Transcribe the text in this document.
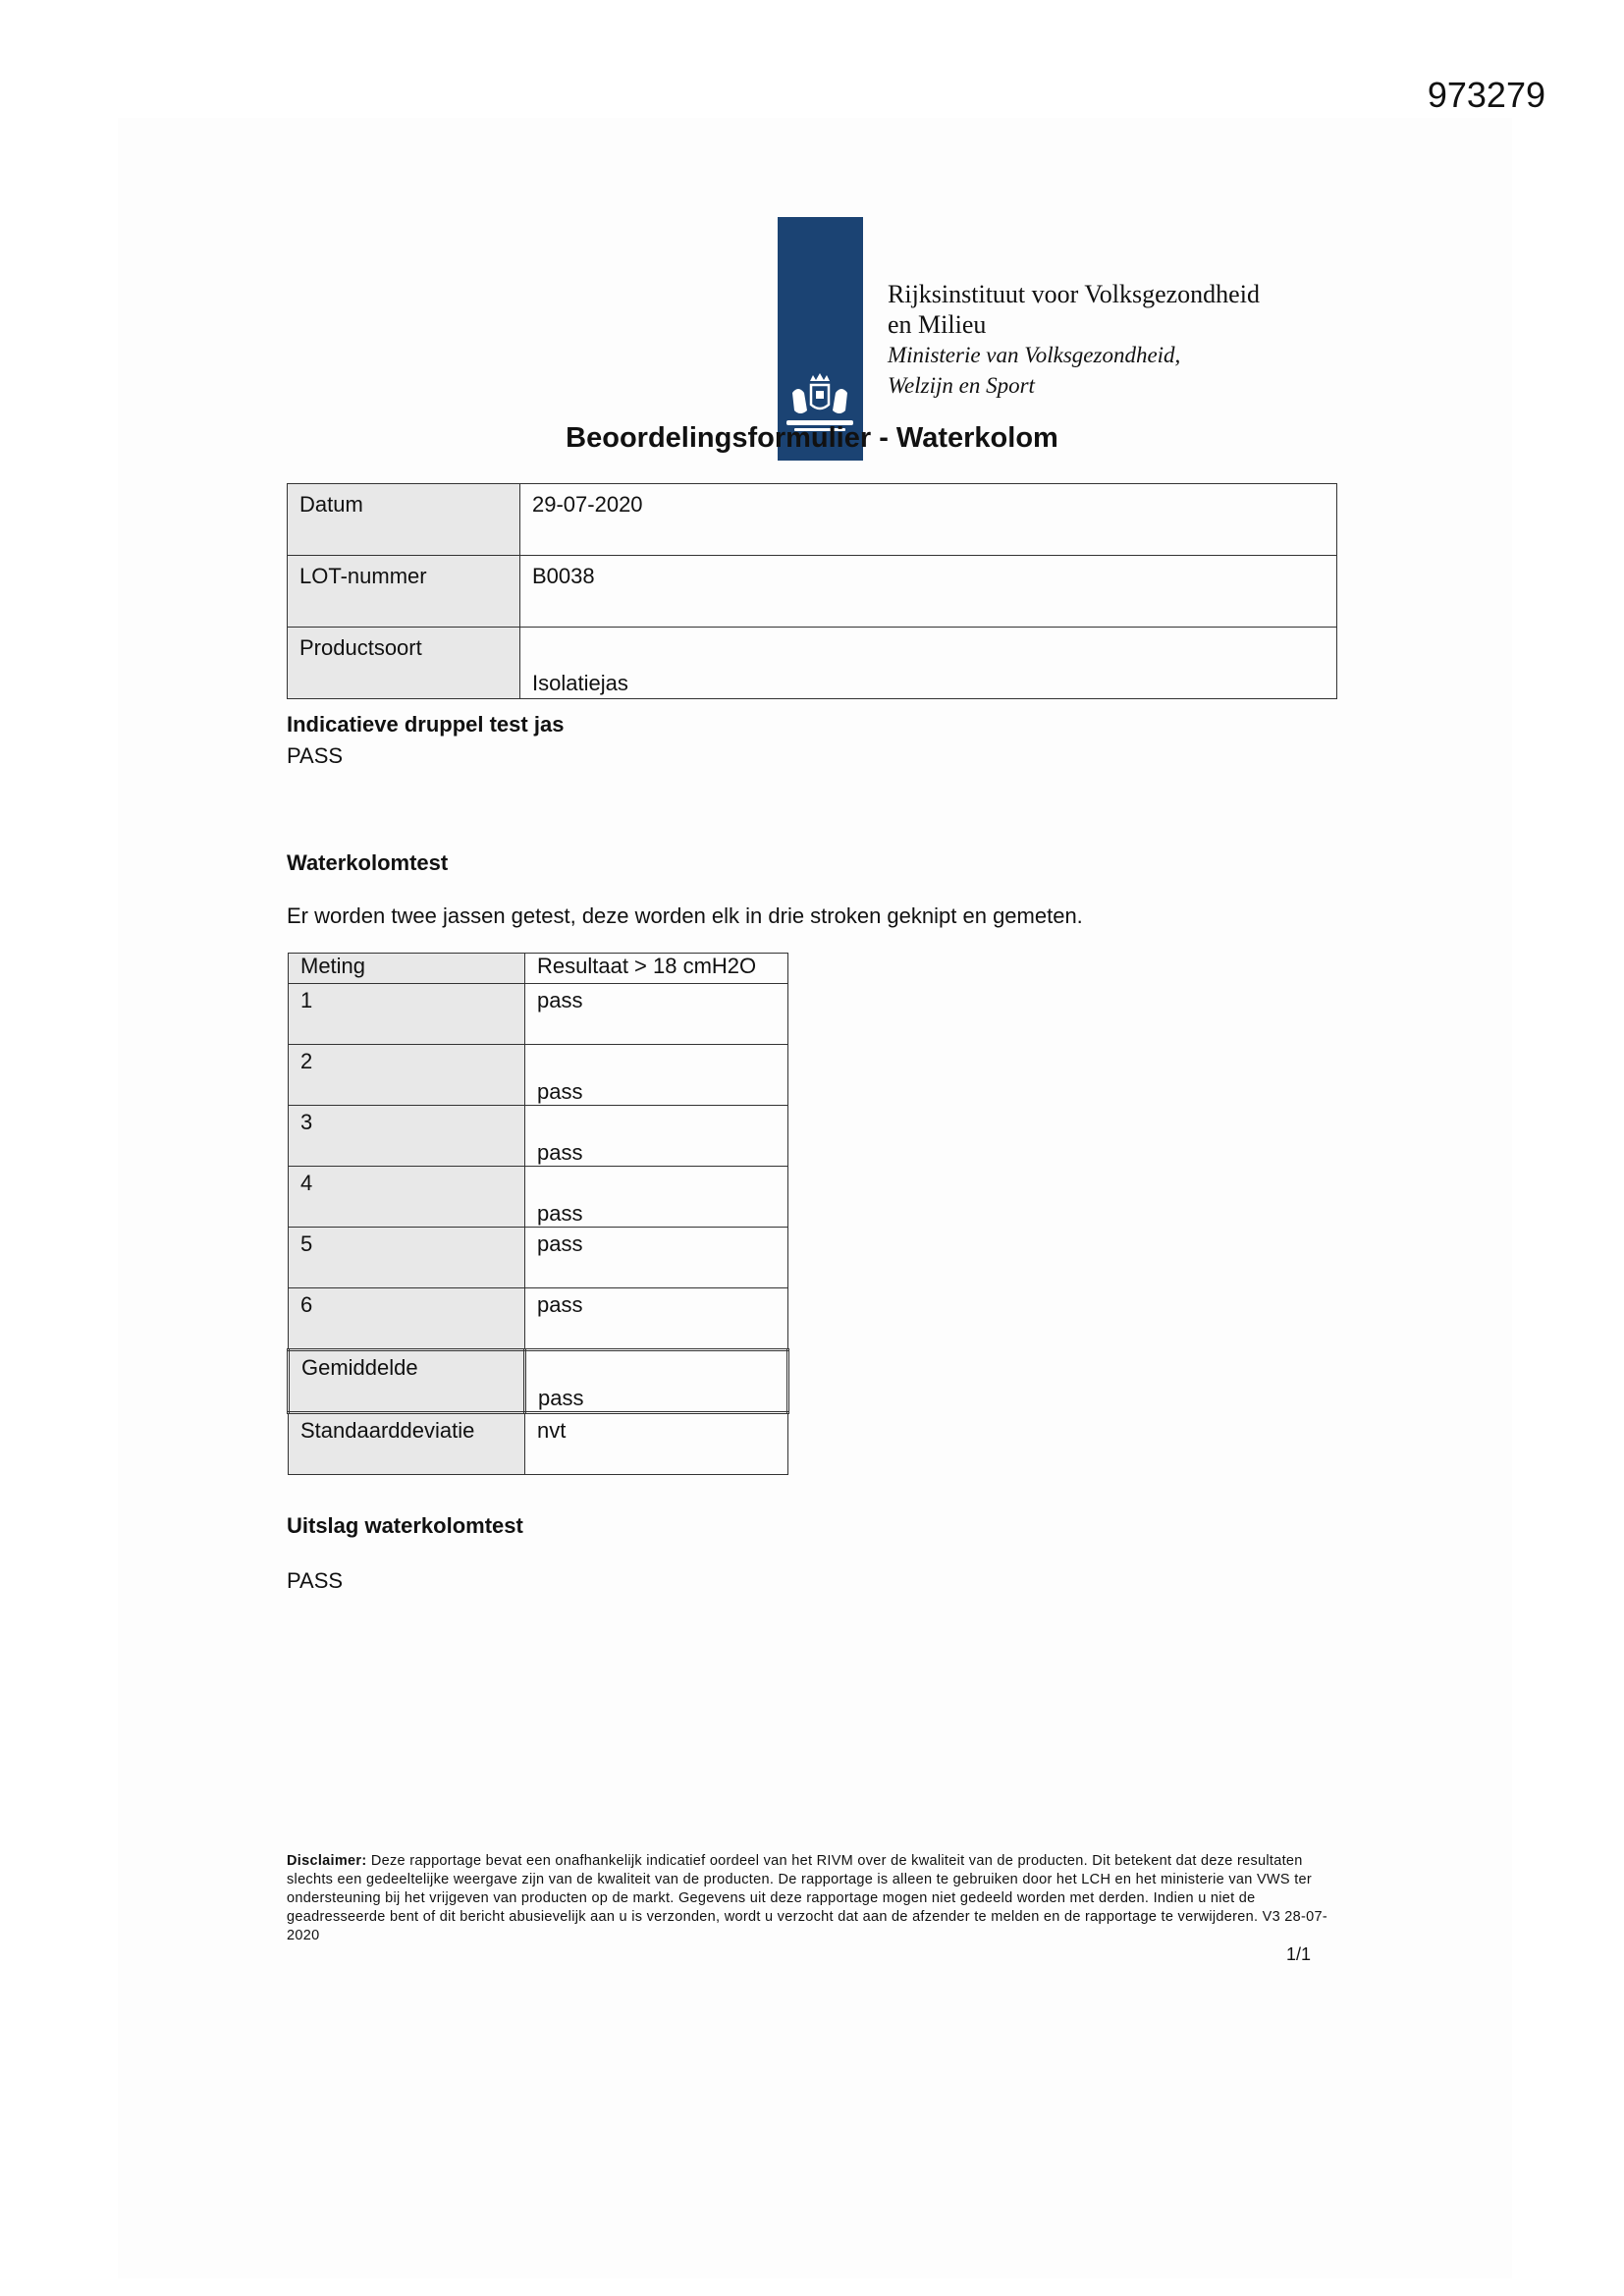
973279
Rijksinstituut voor Volksgezondheid
en Milieu
Ministerie van Volksgezondheid,
Welzijn en Sport
Beoordelingsformulier - Waterkolom
Datum	29-07-2020
LOT-nummer	B0038
Productsoort	Isolatiejas
Indicatieve druppel test jas
PASS
Waterkolomtest
Er worden twee jassen getest, deze worden elk in drie stroken geknipt en gemeten.
Meting	Resultaat > 18 cmH2O
1	pass
2	pass
3	pass
4	pass
5	pass
6	pass
Gemiddelde	pass
Standaarddeviatie	nvt
Uitslag waterkolomtest
PASS
Disclaimer: Deze rapportage bevat een onafhankelijk indicatief oordeel van het RIVM over de kwaliteit van de producten. Dit betekent dat deze resultaten slechts een gedeeltelijke weergave zijn van de kwaliteit van de producten. De rapportage is alleen te gebruiken door het LCH en het ministerie van VWS ter ondersteuning bij het vrijgeven van producten op de markt. Gegevens uit deze rapportage mogen niet gedeeld worden met derden. Indien u niet de geadresseerde bent of dit bericht abusievelijk aan u is verzonden, wordt u verzocht dat aan de afzender te melden en de rapportage te verwijderen. V3 28-07-2020
1/1
